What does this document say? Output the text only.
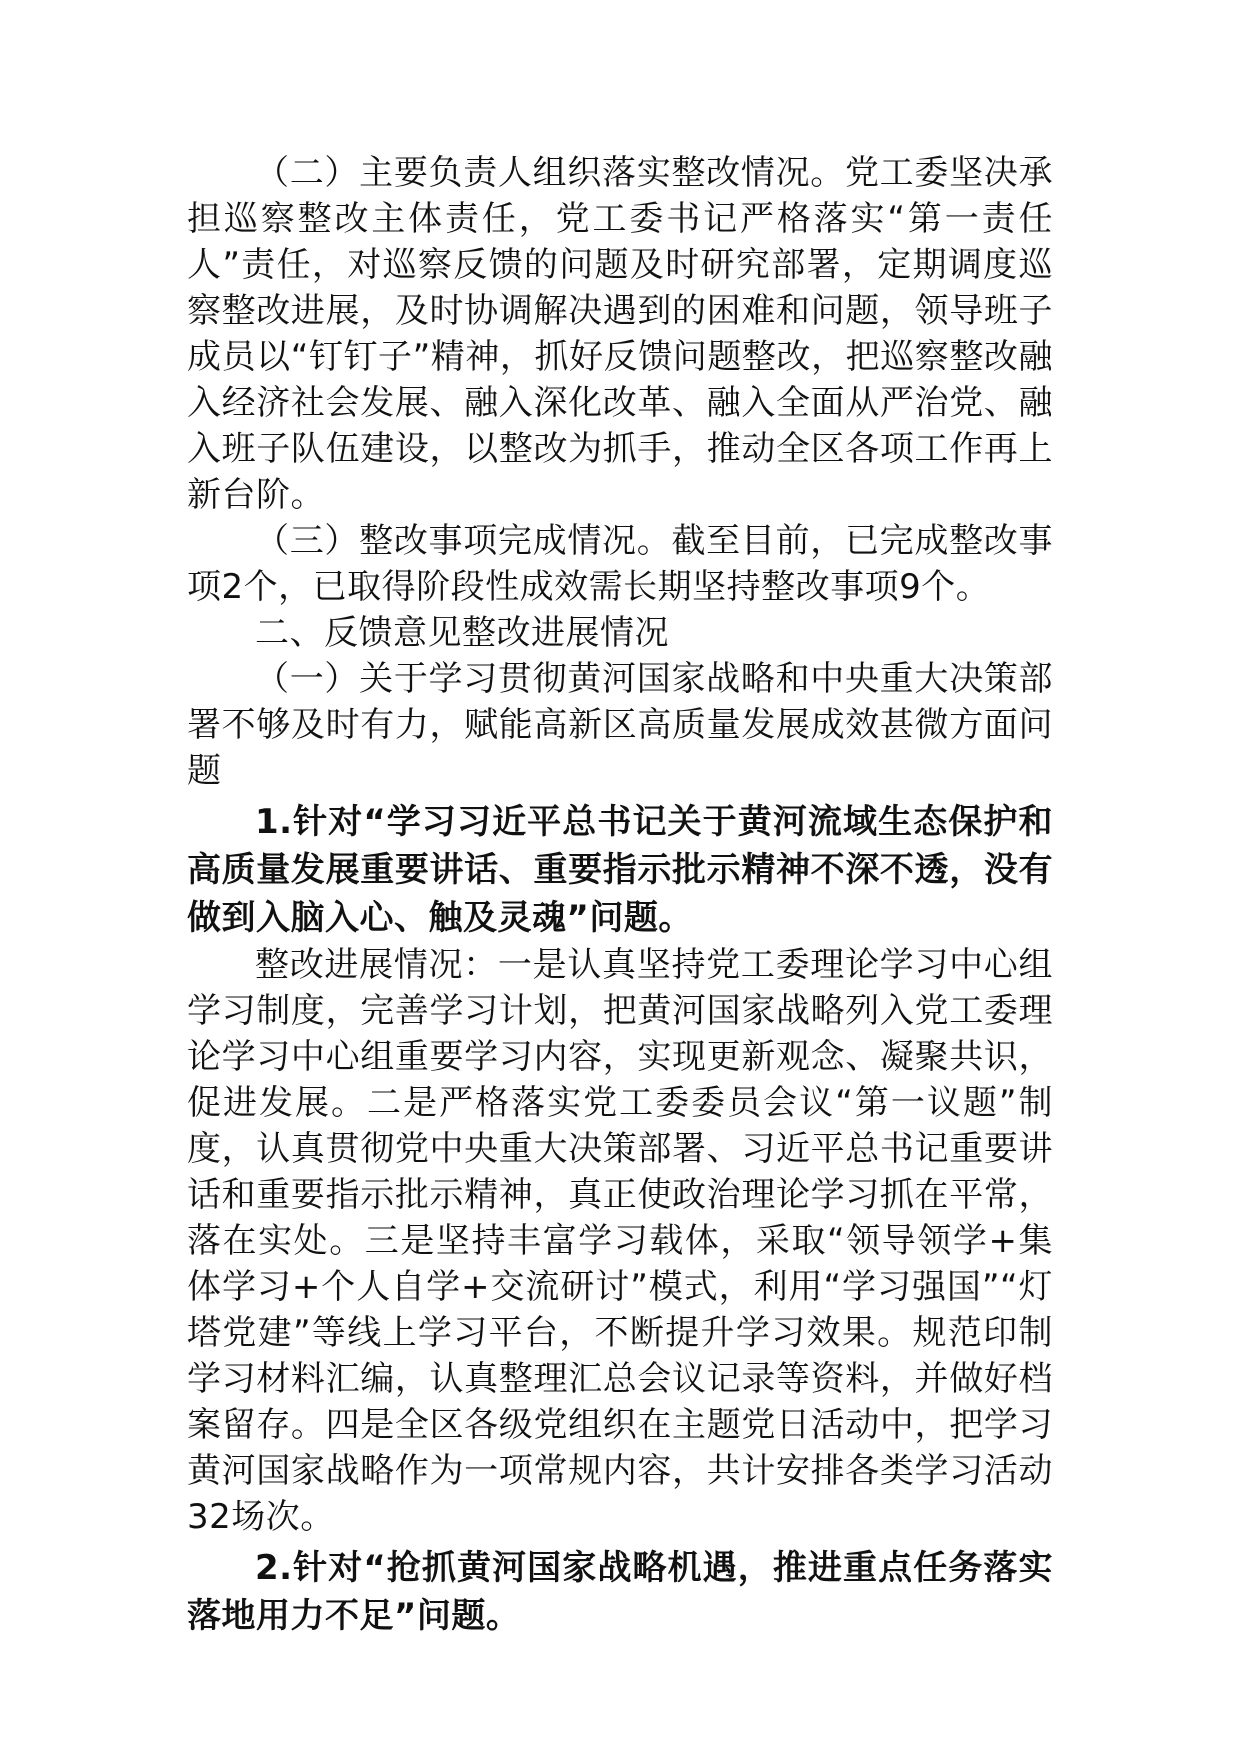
（二）主要负责人组织落实整改情况。党工委坚决承担巡察整改主体责任，党工委书记严格落实“第一责任人”责任，对巡察反馈的问题及时研究部署，定期调度巡察整改进展，及时协调解决遇到的困难和问题，领导班子成员以“钉钉子”精神，抓好反馈问题整改，把巡察整改融入经济社会发展、融入深化改革、融入全面从严治党、融入班子队伍建设，以整改为抓手，推动全区各项工作再上新台阶。

（三）整改事项完成情况。截至目前，已完成整改事项2个，已取得阶段性成效需长期坚持整改事项9个。

二、反馈意见整改进展情况

（一）关于学习贯彻黄河国家战略和中央重大决策部署不够及时有力，赋能高新区高质量发展成效甚微方面问题

1.针对“学习习近平总书记关于黄河流域生态保护和高质量发展重要讲话、重要指示批示精神不深不透，没有做到入脑入心、触及灵魂”问题。

整改进展情况：一是认真坚持党工委理论学习中心组学习制度，完善学习计划，把黄河国家战略列入党工委理论学习中心组重要学习内容，实现更新观念、凝聚共识，促进发展。二是严格落实党工委委员会议“第一议题”制度，认真贯彻党中央重大决策部署、习近平总书记重要讲话和重要指示批示精神，真正使政治理论学习抓在平常，落在实处。三是坚持丰富学习载体，采取“领导领学+集体学习+个人自学+交流研讨”模式，利用“学习强国”“灯塔党建”等线上学习平台，不断提升学习效果。规范印制学习材料汇编，认真整理汇总会议记录等资料，并做好档案留存。四是全区各级党组织在主题党日活动中，把学习黄河国家战略作为一项常规内容，共计安排各类学习活动32场次。

2.针对“抢抓黄河国家战略机遇，推进重点任务落实落地用力不足”问题。
